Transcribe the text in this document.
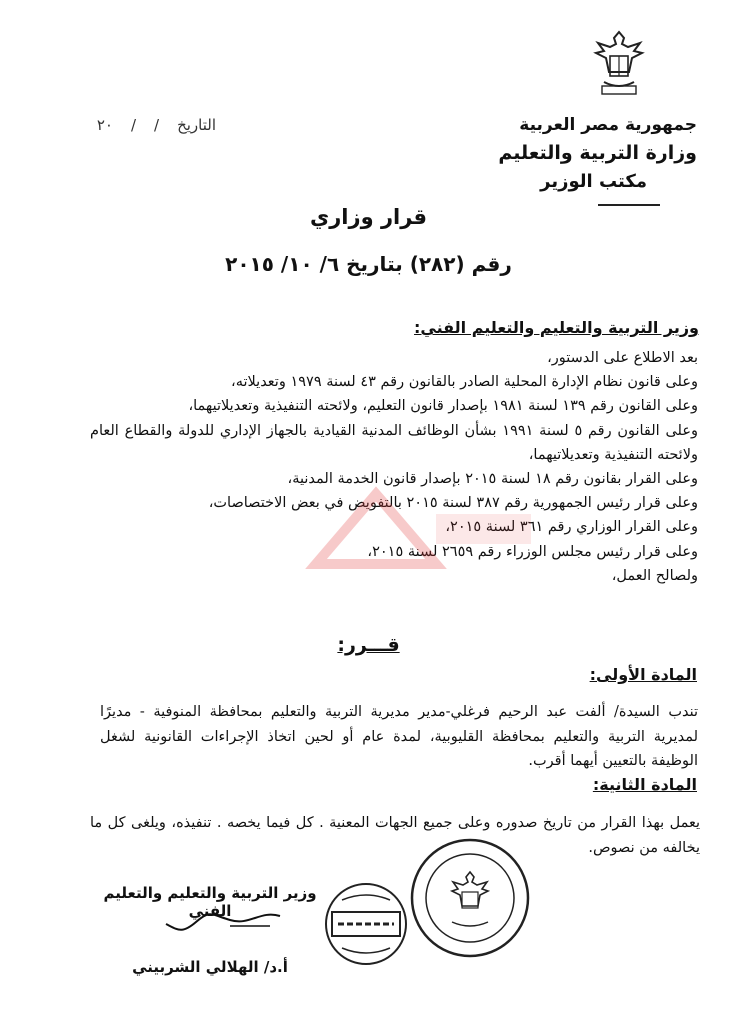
جمهورية مصر العربية
وزارة التربية والتعليم
مكتب الوزير
التاريخ
/
/
٢٠
قرار وزاري
رقم (٢٨٢) بتاريخ ٦/ ١٠/ ٢٠١٥
وزير التربية والتعليم والتعليم الفني:

بعد الاطلاع على الدستور،

وعلى قانون نظام الإدارة المحلية الصادر بالقانون رقم ٤٣ لسنة ١٩٧٩ وتعديلاته،

وعلى القانون رقم ١٣٩ لسنة ١٩٨١ بإصدار قانون التعليم، ولائحته التنفيذية وتعديلاتيهما،

وعلى القانون رقم ٥ لسنة ١٩٩١ بشأن الوظائف المدنية القيادية بالجهاز الإداري للدولة والقطاع العام ولائحته التنفيذية وتعديلاتيهما،

وعلى القرار بقانون رقم ١٨ لسنة ٢٠١٥ بإصدار قانون الخدمة المدنية،

وعلى قرار رئيس الجمهورية رقم ٣٨٧ لسنة ٢٠١٥ بالتفويض في بعض الاختصاصات،

وعلى القرار الوزاري رقم ٣٦١ لسنة ٢٠١٥،

وعلى قرار رئيس مجلس الوزراء رقم ٢٦٥٩ لسنة ٢٠١٥،

ولصالح العمل،

قـــرر:
المادة الأولى:
تندب السيدة/ ألفت عبد الرحيم فرغلي-مدير مديرية التربية والتعليم بمحافظة المنوفية - مديرًا لمديرية التربية والتعليم بمحافظة القليوبية، لمدة عام أو لحين اتخاذ الإجراءات القانونية لشغل الوظيفة بالتعيين أيهما أقرب.
المادة الثانية:
يعمل بهذا القرار من تاريخ صدوره وعلى جميع الجهات المعنية . كل فيما يخصه . تنفيذه، ويلغى كل ما يخالفه من نصوص.
وزير التربية والتعليم والتعليم الفني
أ.د/ الهلالي الشربيني
